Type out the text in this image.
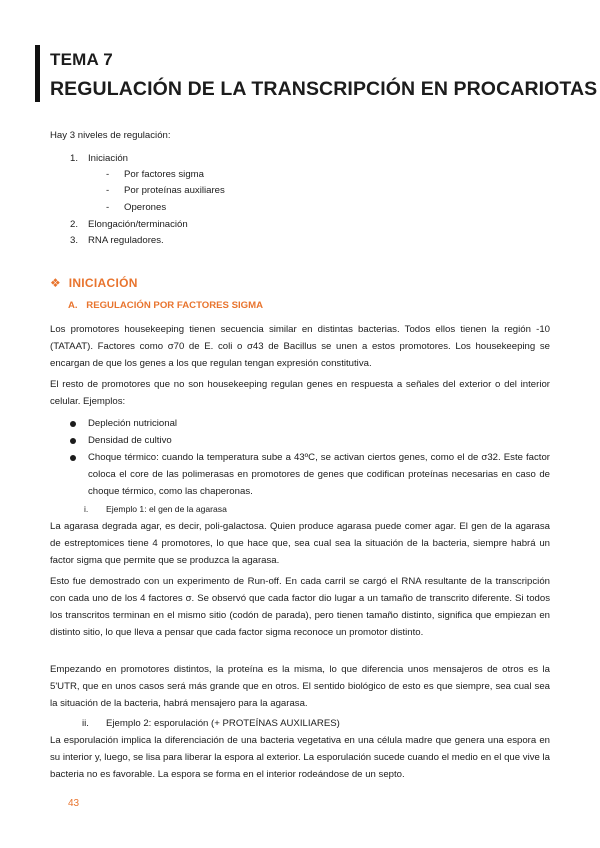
TEMA 7
REGULACIÓN DE LA TRANSCRIPCIÓN EN PROCARIOTAS
Hay 3 niveles de regulación:
1. Iniciación
- Por factores sigma
- Por proteínas auxiliares
- Operones
2. Elongación/terminación
3. RNA reguladores.
❖ INICIACIÓN
A. REGULACIÓN POR FACTORES SIGMA
Los promotores housekeeping tienen secuencia similar en distintas bacterias. Todos ellos tienen la región -10 (TATAAT). Factores como σ70 de E. coli o σ43 de Bacillus se unen a estos promotores. Los housekeeping se encargan de que los genes a los que regulan tengan expresión constitutiva.
El resto de promotores que no son housekeeping regulan genes en respuesta a señales del exterior o del interior celular. Ejemplos:
Depleción nutricional
Densidad de cultivo
Choque térmico: cuando la temperatura sube a 43ºC, se activan ciertos genes, como el de σ32. Este factor coloca el core de las polimerasas en promotores de genes que codifican proteínas necesarias en caso de choque térmico, como las chaperonas.
i. Ejemplo 1: el gen de la agarasa
La agarasa degrada agar, es decir, poli-galactosa. Quien produce agarasa puede comer agar. El gen de la agarasa de estreptomices tiene 4 promotores, lo que hace que, sea cual sea la situación de la bacteria, siempre habrá un factor sigma que permite que se produzca la agarasa.
Esto fue demostrado con un experimento de Run-off. En cada carril se cargó el RNA resultante de la transcripción con cada uno de los 4 factores σ. Se observó que cada factor dio lugar a un tamaño de transcrito diferente. Si todos los transcritos terminan en el mismo sitio (codón de parada), pero tienen tamaño distinto, significa que empiezan en distinto sitio, lo que lleva a pensar que cada factor sigma reconoce un promotor distinto.
Empezando en promotores distintos, la proteína es la misma, lo que diferencia unos mensajeros de otros es la 5'UTR, que en unos casos será más grande que en otros. El sentido biológico de esto es que siempre, sea cual sea la situación de la bacteria, habrá mensajero para la agarasa.
ii. Ejemplo 2: esporulación (+ PROTEÍNAS AUXILIARES)
La esporulación implica la diferenciación de una bacteria vegetativa en una célula madre que genera una espora en su interior y, luego, se lisa para liberar la espora al exterior. La esporulación sucede cuando el medio en el que vive la bacteria no es favorable. La espora se forma en el interior rodeándose de un septo.
43
